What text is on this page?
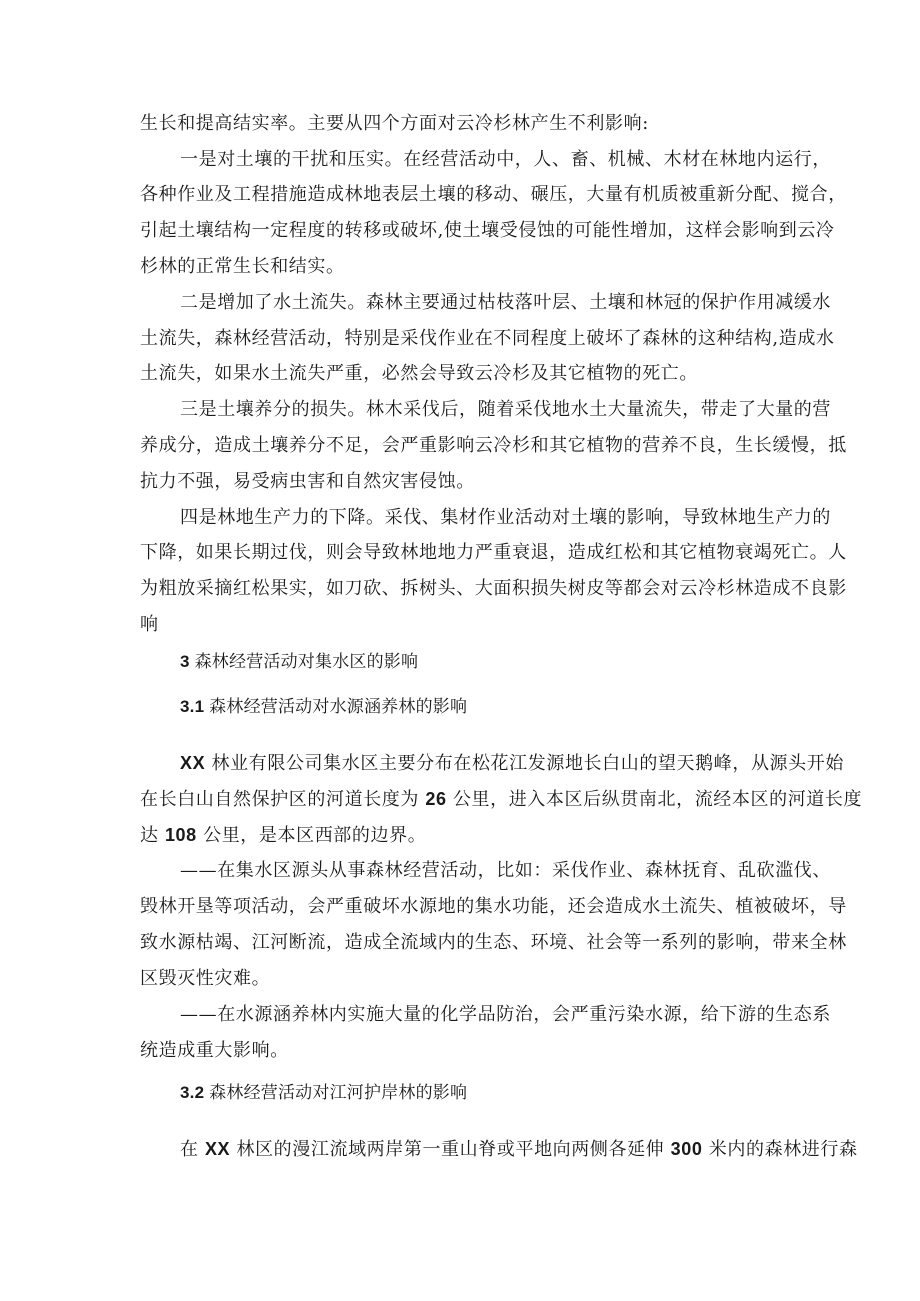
生长和提高结实率。主要从四个方面对云冷杉林产生不利影响:
一是对土壤的干扰和压实。在经营活动中，人、畜、机械、木材在林地内运行，
各种作业及工程措施造成林地表层土壤的移动、碾压，大量有机质被重新分配、搅合，
引起土壤结构一定程度的转移或破坏,使土壤受侵蚀的可能性增加，这样会影响到云冷
杉林的正常生长和结实。
二是增加了水土流失。森林主要通过枯枝落叶层、土壤和林冠的保护作用减缓水
土流失，森林经营活动，特别是采伐作业在不同程度上破坏了森林的这种结构,造成水
土流失，如果水土流失严重，必然会导致云冷杉及其它植物的死亡。
三是土壤养分的损失。林木采伐后，随着采伐地水土大量流失，带走了大量的营
养成分，造成土壤养分不足，会严重影响云冷杉和其它植物的营养不良，生长缓慢，抵
抗力不强，易受病虫害和自然灾害侵蚀。
四是林地生产力的下降。采伐、集材作业活动对土壤的影响，导致林地生产力的
下降，如果长期过伐，则会导致林地地力严重衰退，造成红松和其它植物衰竭死亡。人
为粗放采摘红松果实，如刀砍、拆树头、大面积损失树皮等都会对云冷杉林造成不良影
响
3 森林经营活动对集水区的影响
3.1 森林经营活动对水源涵养林的影响
XX 林业有限公司集水区主要分布在松花江发源地长白山的望天鹅峰，从源头开始
在长白山自然保护区的河道长度为 26 公里，进入本区后纵贯南北，流经本区的河道长度
达 108 公里，是本区西部的边界。
——在集水区源头从事森林经营活动，比如：采伐作业、森林抚育、乱砍滥伐、
毁林开垦等项活动，会严重破坏水源地的集水功能，还会造成水土流失、植被破坏，导
致水源枯竭、江河断流，造成全流域内的生态、环境、社会等一系列的影响，带来全林
区毁灭性灾难。
——在水源涵养林内实施大量的化学品防治，会严重污染水源，给下游的生态系
统造成重大影响。
3.2 森林经营活动对江河护岸林的影响
在 XX 林区的漫江流域两岸第一重山脊或平地向两侧各延伸 300 米内的森林进行森
